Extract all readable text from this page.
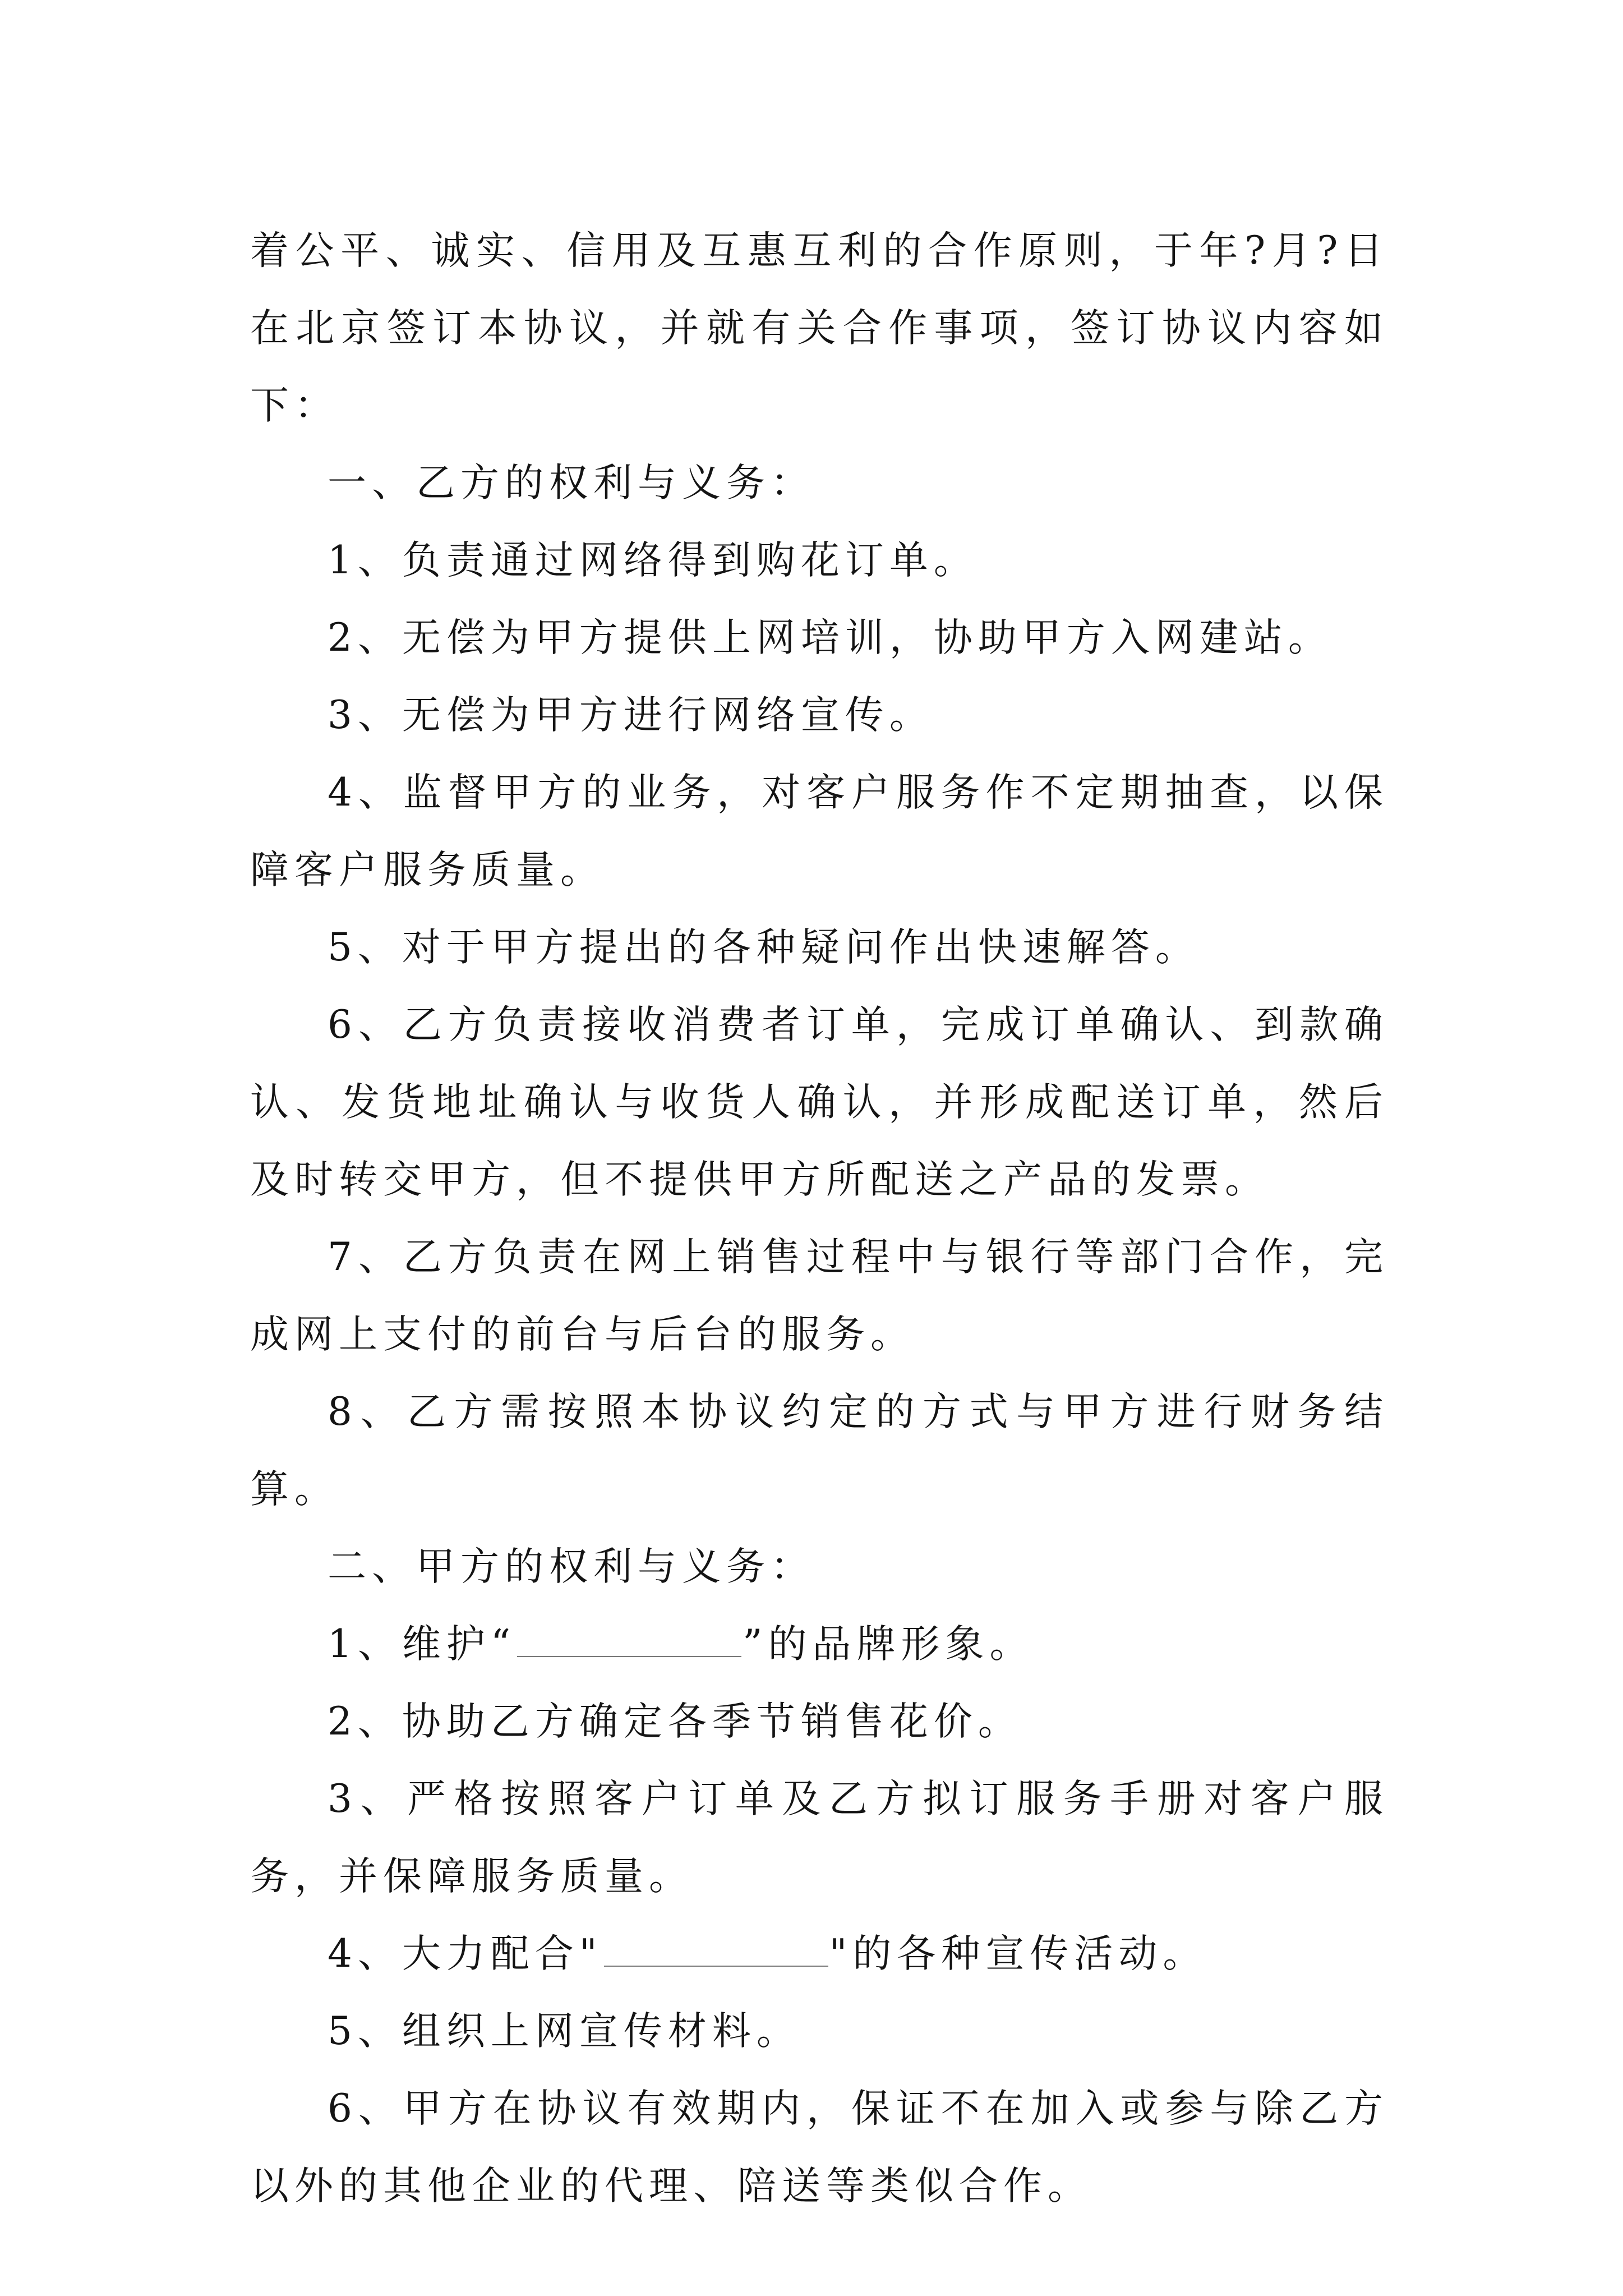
着公平、诚实、信用及互惠互利的合作原则，于年?月?日在北京签订本协议，并就有关合作事项，签订协议内容如下：

一、乙方的权利与义务：

1、负责通过网络得到购花订单。

2、无偿为甲方提供上网培训，协助甲方入网建站。

3、无偿为甲方进行网络宣传。

4、监督甲方的业务，对客户服务作不定期抽查，以保障客户服务质量。

5、对于甲方提出的各种疑问作出快速解答。

6、乙方负责接收消费者订单，完成订单确认、到款确认、发货地址确认与收货人确认，并形成配送订单，然后及时转交甲方，但不提供甲方所配送之产品的发票。

7、乙方负责在网上销售过程中与银行等部门合作，完成网上支付的前台与后台的服务。

8、乙方需按照本协议约定的方式与甲方进行财务结算。

二、甲方的权利与义务：

1、维护“	”的品牌形象。

2、协助乙方确定各季节销售花价。

3、严格按照客户订单及乙方拟订服务手册对客户服务，并保障服务质量。

4、大力配合"	"的各种宣传活动。

5、组织上网宣传材料。

6、甲方在协议有效期内，保证不在加入或参与除乙方以外的其他企业的代理、陪送等类似合作。
